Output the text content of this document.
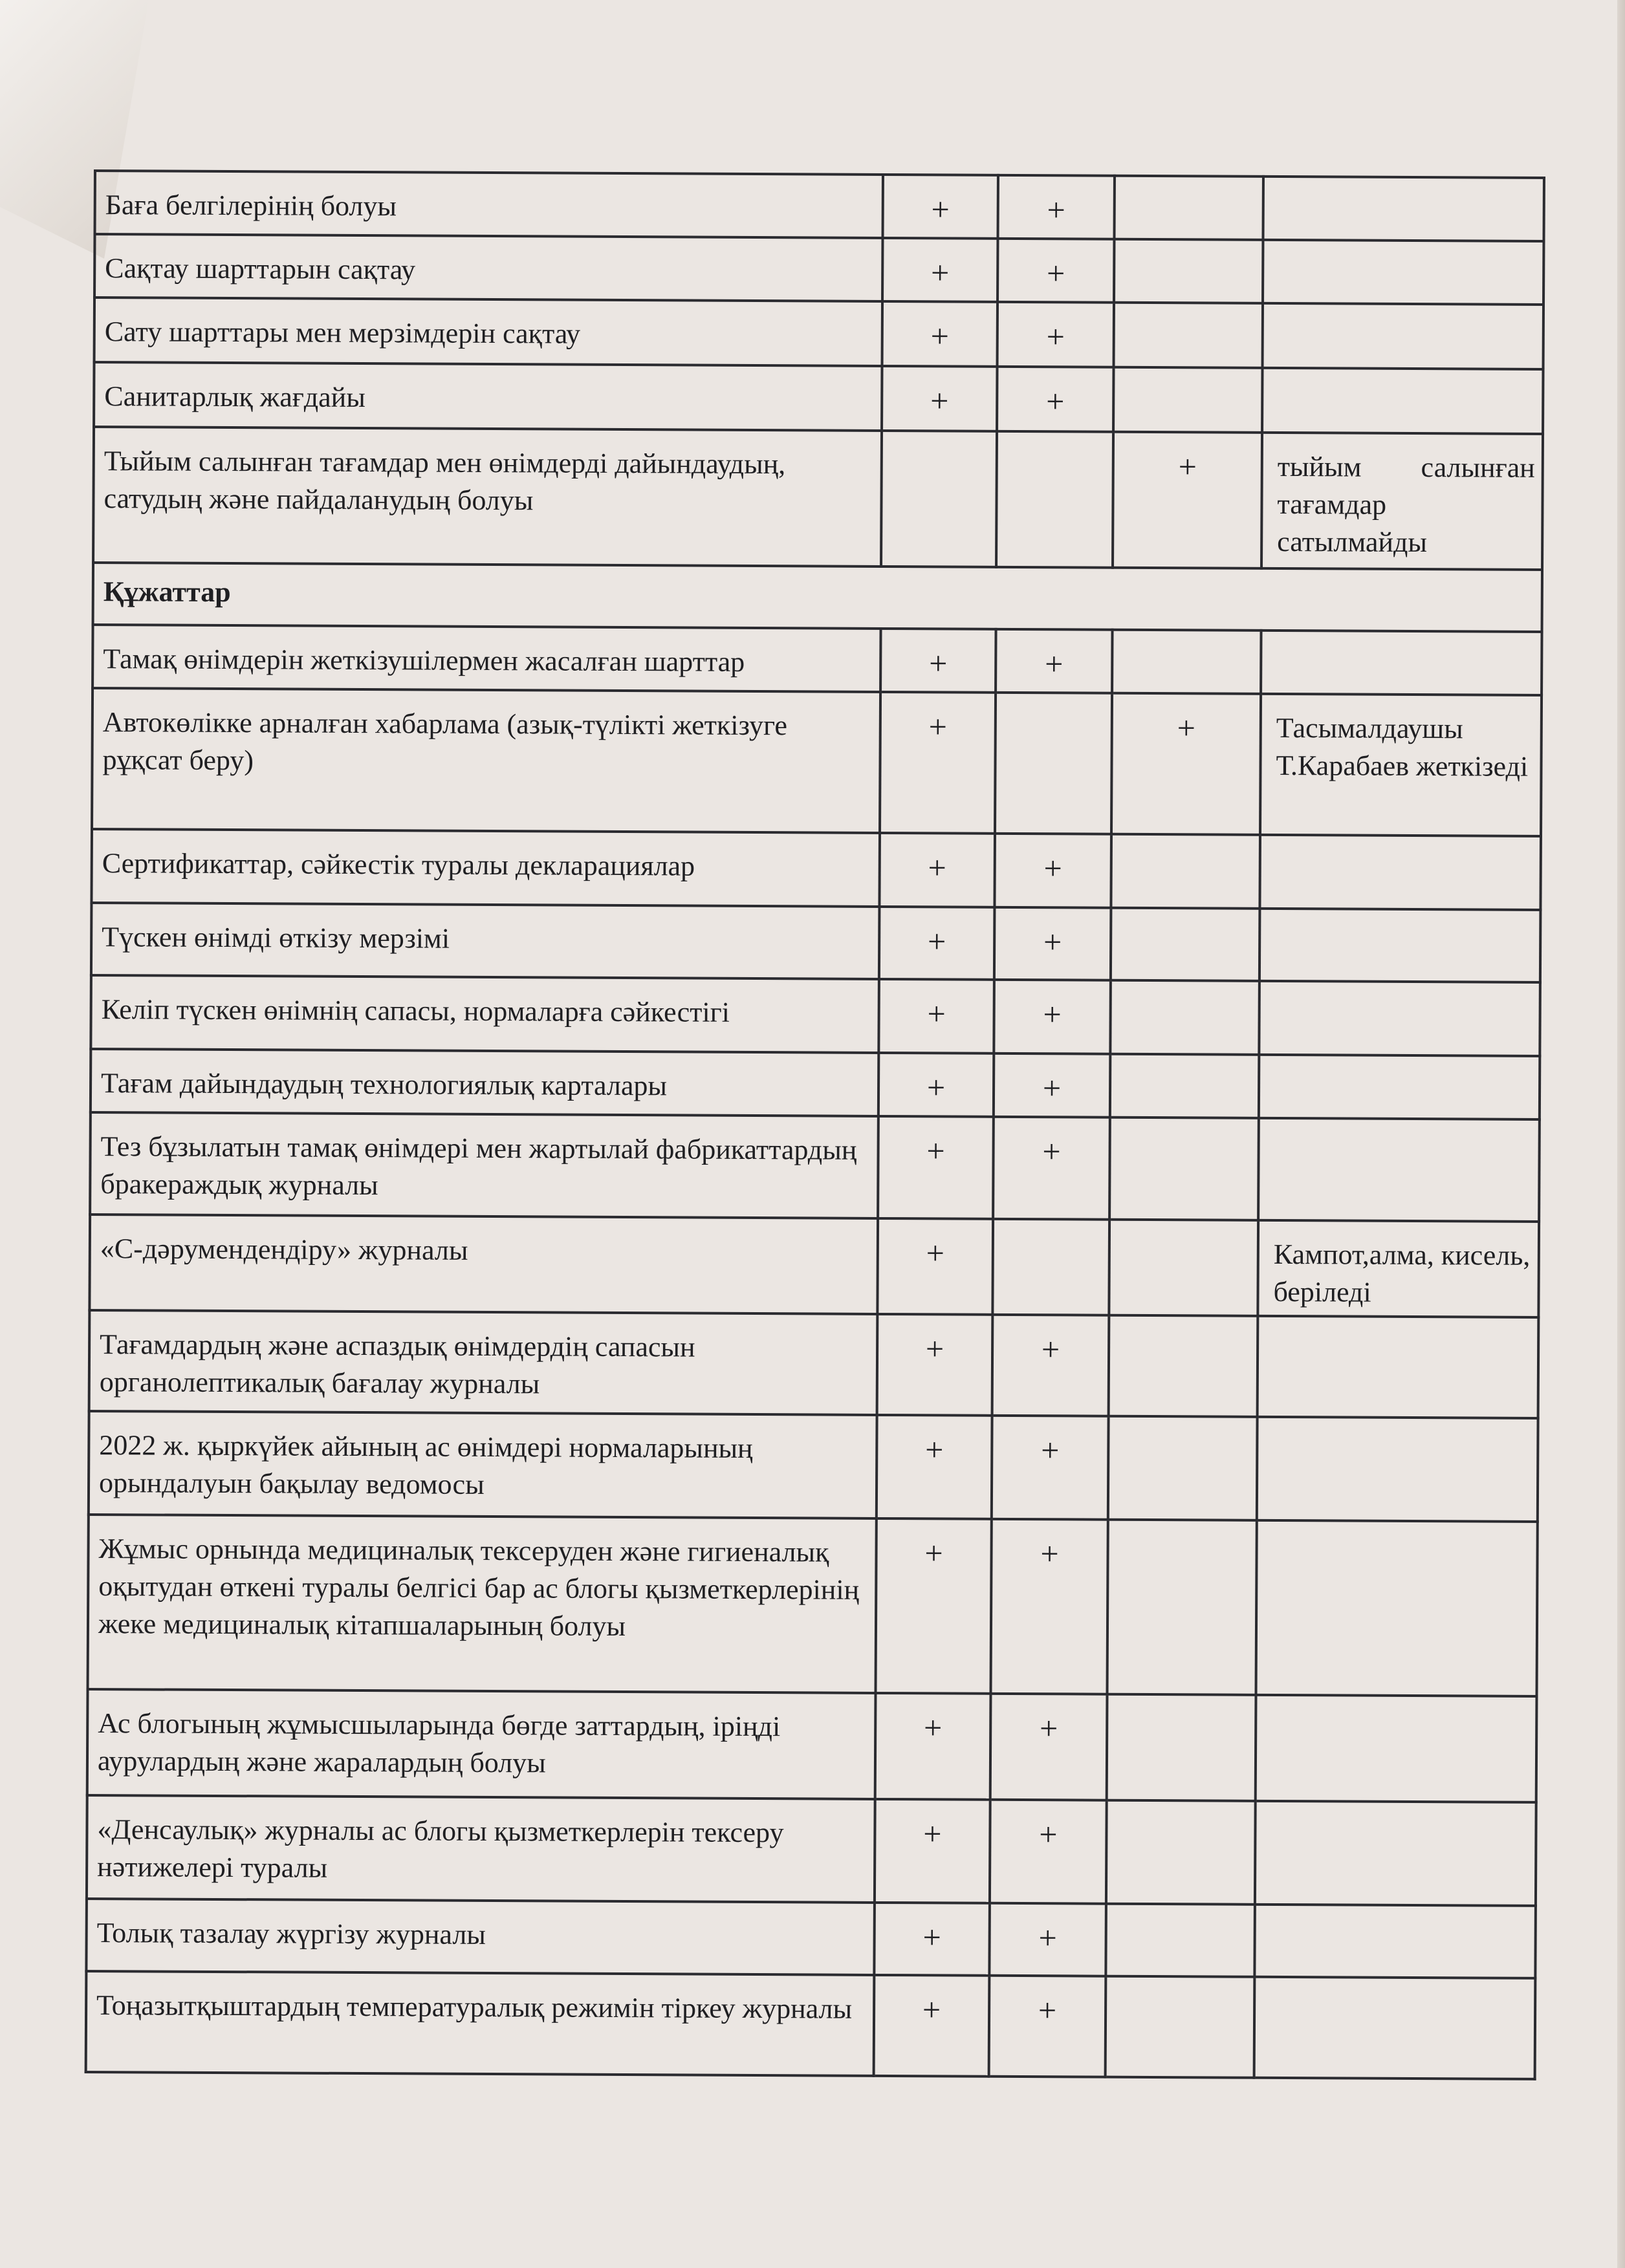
Баға белгілерінің болуы	+	+		
Сақтау шарттарын сақтау	+	+		
Сату шарттары мен мерзімдерін сақтау	+	+		
Санитарлық жағдайы	+	+		
Тыйым салынған тағамдар мен өнімдерді дайындаудың, сатудың және пайдаланудың болуы			+	тыйым салынған тағамдар сатылмайды
Құжаттар				
Тамақ өнімдерін жеткізушілермен жасалған шарттар	+	+		
Автокөлікке арналған хабарлама (азық-түлікті жеткізуге рұқсат беру)	+		+	Тасымалдаушы Т.Карабаев жеткізеді
Сертификаттар, сәйкестік туралы декларациялар	+	+		
Түскен өнімді өткізу мерзімі	+	+		
Келіп түскен өнімнің сапасы, нормаларға сәйкестігі	+	+		
Тағам дайындаудың технологиялық карталары	+	+		
Тез бұзылатын тамақ өнімдері мен жартылай фабрикаттардың бракераждық журналы	+	+		
«С-дәрумендендіру» журналы	+			Кампот,алма, кисель, беріледі
Тағамдардың және аспаздық өнімдердің сапасын органолептикалық бағалау журналы	+	+		
2022 ж. қыркүйек айының ас өнімдері нормаларының орындалуын бақылау ведомосы	+	+		
Жұмыс орнында медициналық тексеруден және гигиеналық оқытудан өткені туралы белгісі бар ас блогы қызметкерлерінің жеке медициналық кітапшаларының болуы	+	+		
Ас блогының жұмысшыларында бөгде заттардың, іріңді аурулардың және жаралардың болуы	+	+		
«Денсаулық» журналы ас блогы қызметкерлерін тексеру нәтижелері туралы	+	+		
Толық тазалау жүргізу журналы	+	+		
Тоңазытқыштардың температуралық режимін тіркеу журналы	+	+		
